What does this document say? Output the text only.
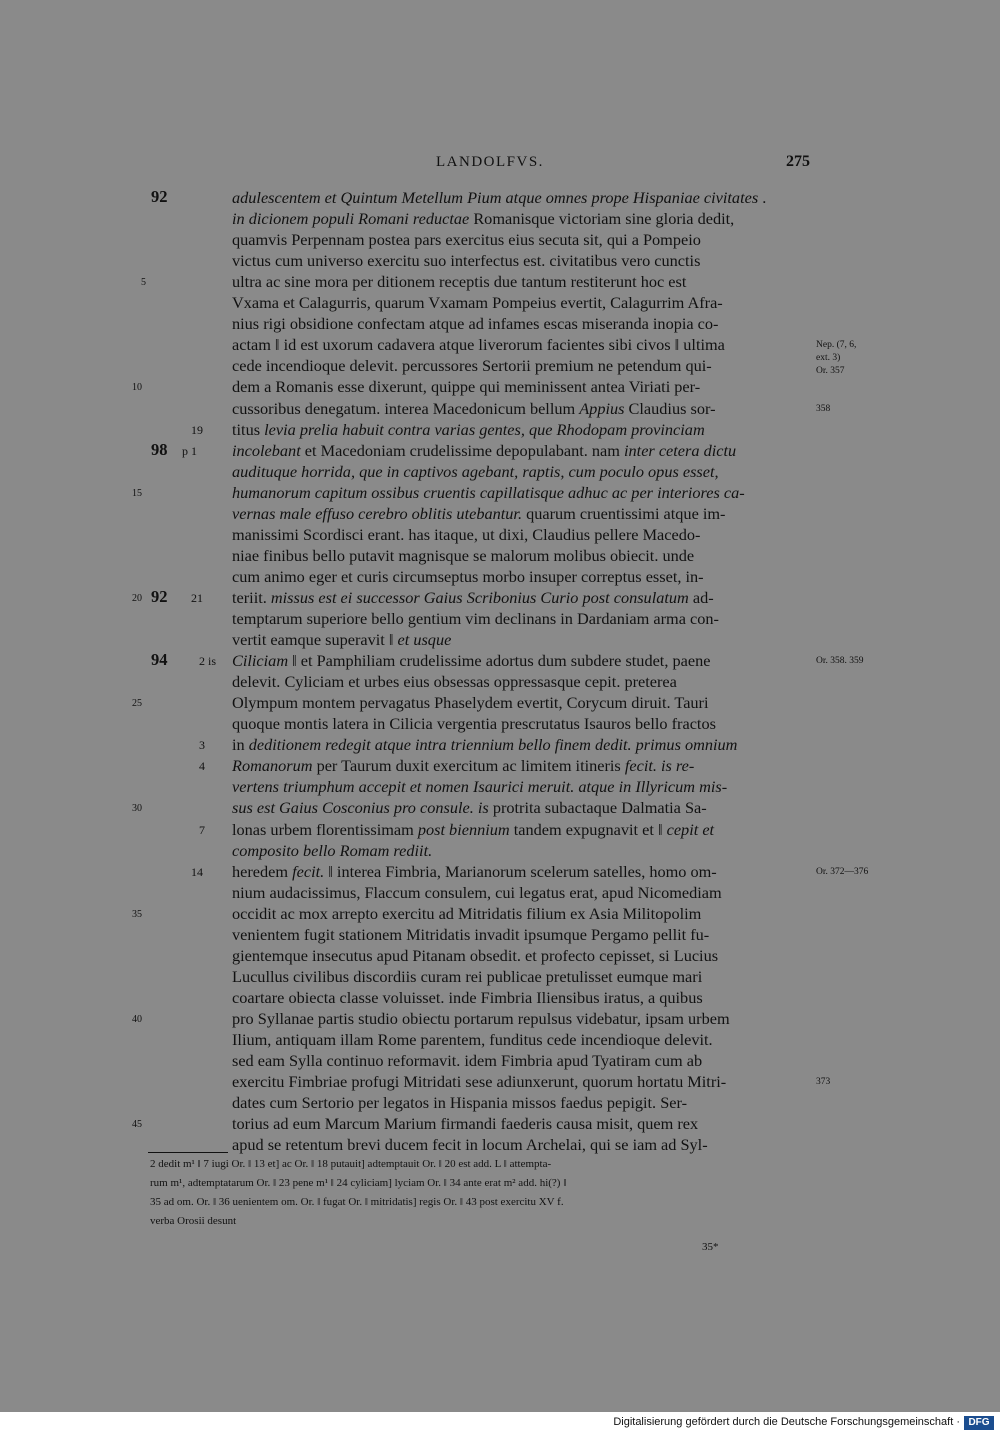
LANDOLFVS.	275
35*
adulescentem et Quintum Metellum Pium atque omnes prope Hispaniae civitates .
in dicionem populi Romani reductae Romanisque victoriam sine gloria dedit,
quamvis Perpennam postea pars exercitus eius secuta sit, qui a Pompeio
victus cum universo exercitu suo interfectus est. civitatibus vero cunctis
ultra ac sine mora per ditionem receptis due tantum restiterunt hoc est
Vxama et Calagurris, quarum Vxamam Pompeius evertit, Calagurrim Afra-
nius rigi obsidione confectam atque ad infames escas miseranda inopia co-
actam ‖ id est uxorum cadavera atque liverorum facientes sibi civos ‖ ultima
cede incendioque delevit. percussores Sertorii premium ne petendum qui-
dem a Romanis esse dixerunt, quippe qui meminissent antea Viriati per-
cussoribus denegatum. interea Macedonicum bellum Appius Claudius sor-
titus levia prelia habuit contra varias gentes, que Rhodopam provinciam
incolebant et Macedoniam crudelissime depopulabant. nam inter cetera dictu
audituque horrida, que in captivos agebant, raptis, cum poculo opus esset,
humanorum capitum ossibus cruentis capillatisque adhuc ac per interiores ca-
vernas male effuso cerebro oblitis utebantur. quarum cruentissimi atque im-
manissimi Scordisci erant. has itaque, ut dixi, Claudius pellere Macedo-
niae finibus bello putavit magnisque se malorum molibus obiecit. unde
cum animo eger et curis circumseptus morbo insuper correptus esset, in-
teriit. missus est ei successor Gaius Scribonius Curio post consulatum ad-
temptarum superiore bello gentium vim declinans in Dardaniam arma con-
vertit eamque superavit ‖ et usque
Ciliciam ‖ et Pamphiliam crudelissime adortus dum subdere studet, paene
delevit. Cyliciam et urbes eius obsessas oppressasque cepit. preterea
Olympum montem pervagatus Phaselydem evertit, Corycum diruit. Tauri
quoque montis latera in Cilicia vergentia prescrutatus Isauros bello fractos
in deditionem redegit atque intra triennium bello finem dedit. primus omnium
Romanorum per Taurum duxit exercitum ac limitem itineris fecit. is re-
vertens triumphum accepit et nomen Isaurici meruit. atque in Illyricum mis-
sus est Gaius Cosconius pro consule. is protrita subactaque Dalmatia Sa-
lonas urbem florentissimam post biennium tandem expugnavit et ‖ cepit et
composito bello Romam rediit.
heredem fecit. ‖ interea Fimbria, Marianorum scelerum satelles, homo om-
nium audacissimus, Flaccum consulem, cui legatus erat, apud Nicomediam
occidit ac mox arrepto exercitu ad Mitridatis filium ex Asia Militopolim
venientem fugit stationem Mitridatis invadit ipsumque Pergamo pellit fu-
gientemque insecutus apud Pitanam obsedit. et profecto cepisset, si Lucius
Lucullus civilibus discordiis curam rei publicae pretulisset eumque mari
coartare obiecta classe voluisset. inde Fimbria Iliensibus iratus, a quibus
pro Syllanae partis studio obiectu portarum repulsus videbatur, ipsam urbem
Ilium, antiquam illam Rome parentem, funditus cede incendioque delevit.
sed eam Sylla continuo reformavit. idem Fimbria apud Tyatiram cum ab
exercitu Fimbriae profugi Mitridati sese adiunxerunt, quorum hortatu Mitri-
dates cum Sertorio per legatos in Hispania missos faedus pepigit. Ser-
torius ad eum Marcum Marium firmandi faederis causa misit, quem rex
apud se retentum brevi ducem fecit in locum Archelai, qui se iam ad Syl-
92
98
92
94
5
10
15
20
25
30
35
40
45
19
p 1
21
2 is
3
4
7
14
Nep. (7, 6,
ext. 3)
Or. 357
358
Or. 358. 359
Or. 372—376
373
2 dedit m¹ ‖ 7 iugi Or. ‖ 13 et] ac Or. ‖ 18 putauit] adtemptauit Or. ‖ 20 est add. L ‖ attempta-
rum m¹, adtemptatarum Or. ‖ 23 pene m¹ ‖ 24 cyliciam] lyciam Or. ‖ 34 ante erat m² add. hi(?) ‖
35 ad om. Or. ‖ 36 uenientem om. Or. ‖ fugat Or. ‖ mitridatis] regis Or. ‖ 43 post exercitu XV f.
verba Orosii desunt
Digitalisierung gefördert durch die Deutsche Forschungsgemeinschaft · DFG
